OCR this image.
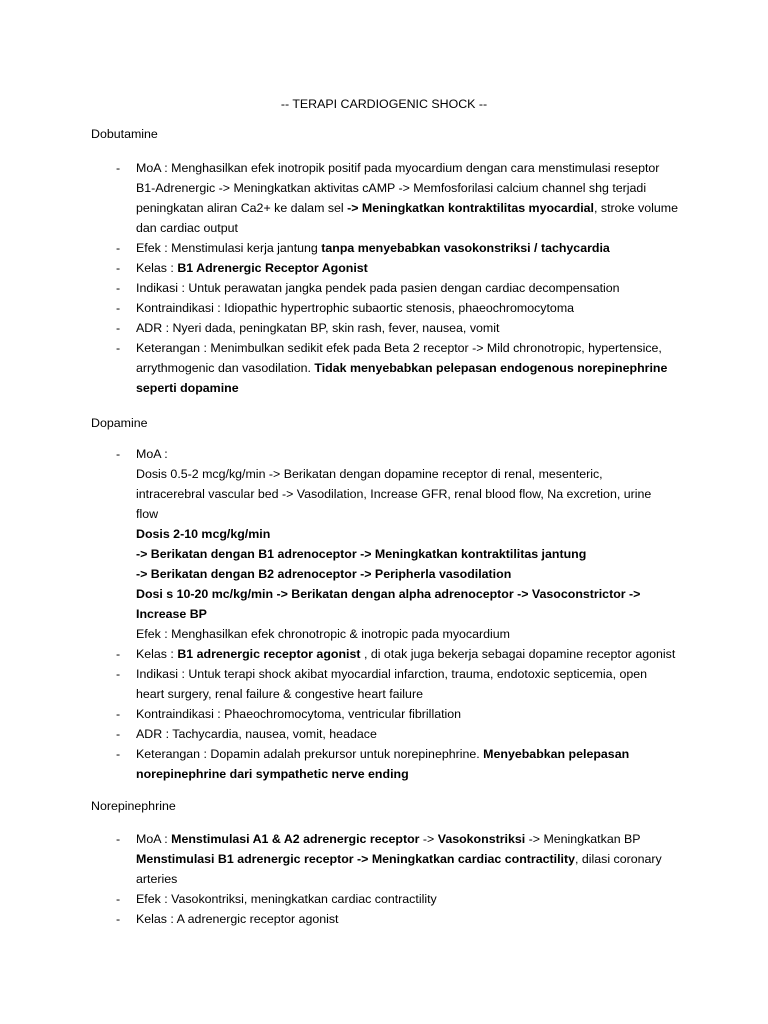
-- TERAPI CARDIOGENIC SHOCK --
Dobutamine
- MoA : Menghasilkan efek inotropik positif pada myocardium dengan cara menstimulasi reseptor
B1-Adrenergic -> Meningkatkan aktivitas cAMP -> Memfosforilasi calcium channel shg terjadi
peningkatan aliran Ca2+ ke dalam sel -> Meningkatkan kontraktilitas myocardial, stroke volume
dan cardiac output
- Efek : Menstimulasi kerja jantung tanpa menyebabkan vasokonstriksi / tachycardia
- Kelas : B1 Adrenergic Receptor Agonist
- Indikasi : Untuk perawatan jangka pendek pada pasien dengan cardiac decompensation
- Kontraindikasi : Idiopathic hypertrophic subaortic stenosis, phaeochromocytoma
- ADR : Nyeri dada, peningkatan BP, skin rash, fever, nausea, vomit
- Keterangan : Menimbulkan sedikit efek pada Beta 2 receptor -> Mild chronotropic, hypertensice,
arrythmogenic dan vasodilation. Tidak menyebabkan pelepasan endogenous norepinephrine
seperti dopamine
Dopamine
- MoA :
Dosis 0.5-2 mcg/kg/min -> Berikatan dengan dopamine receptor di renal, mesenteric,
intracerebral vascular bed -> Vasodilation, Increase GFR, renal blood flow, Na excretion, urine
flow
Dosis 2-10 mcg/kg/min
-> Berikatan dengan B1 adrenoceptor -> Meningkatkan kontraktilitas jantung
-> Berikatan dengan B2 adrenoceptor -> Peripherla vasodilation
Dosi s 10-20 mc/kg/min -> Berikatan dengan alpha adrenoceptor -> Vasoconstrictor ->
Increase BP
Efek : Menghasilkan efek chronotropic & inotropic pada myocardium
- Kelas : B1 adrenergic receptor agonist , di otak juga bekerja sebagai dopamine receptor agonist
- Indikasi : Untuk terapi shock akibat myocardial infarction, trauma, endotoxic septicemia, open
heart surgery, renal failure & congestive heart failure
- Kontraindikasi : Phaeochromocytoma, ventricular fibrillation
- ADR : Tachycardia, nausea, vomit, headace
- Keterangan : Dopamin adalah prekursor untuk norepinephrine. Menyebabkan pelepasan
norepinephrine dari sympathetic nerve ending
Norepinephrine
- MoA : Menstimulasi A1 & A2 adrenergic receptor -> Vasokonstriksi -> Meningkatkan BP
Menstimulasi B1 adrenergic receptor -> Meningkatkan cardiac contractility, dilasi coronary
arteries
- Efek : Vasokontriksi, meningkatkan cardiac contractility
- Kelas : A adrenergic receptor agonist
